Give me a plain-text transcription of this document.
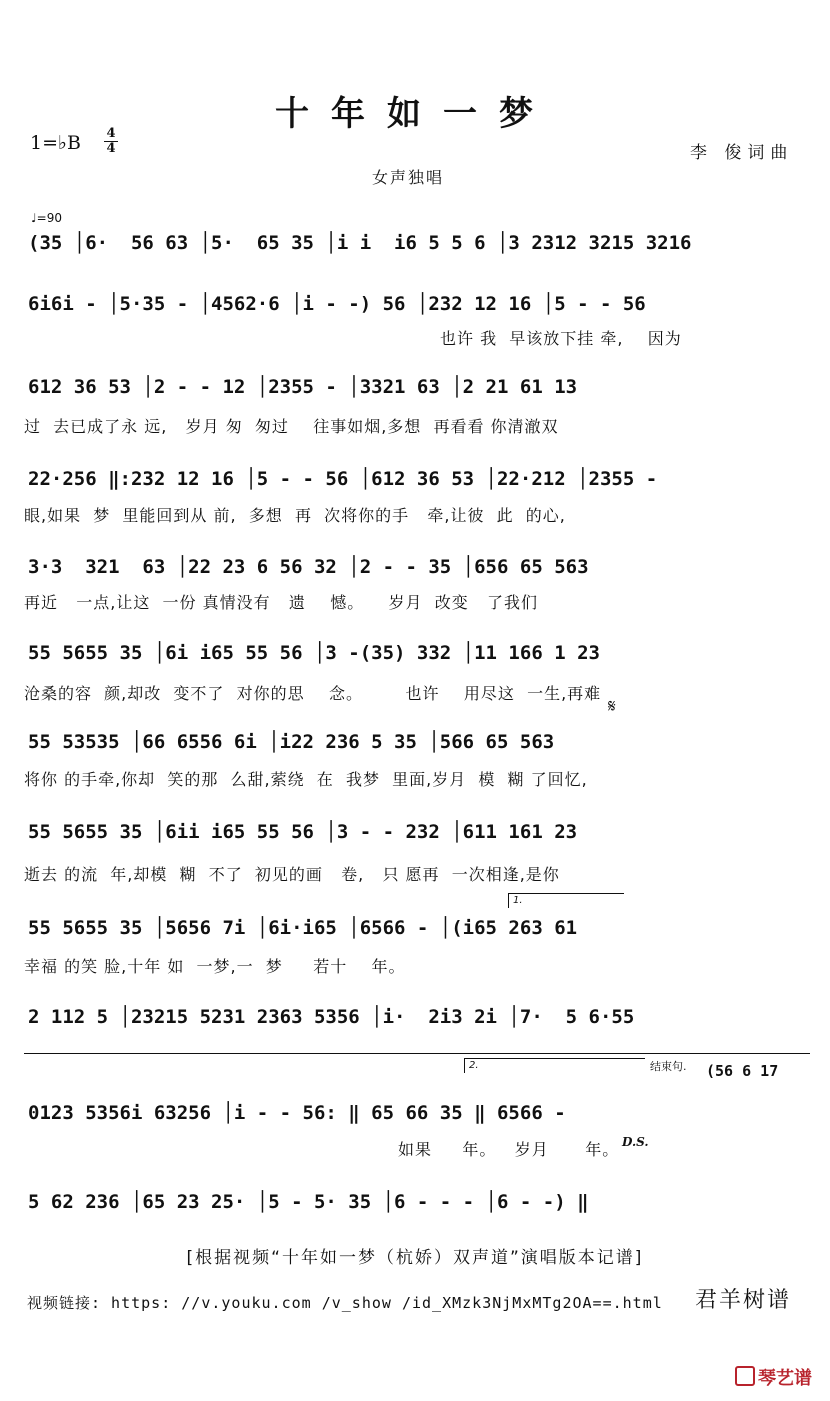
十年如一梦
1=♭B 4
4	李 俊词曲
女声独唱
♩=90
(35 │6·  56 63 │5·  65 35 │i i  i6 5 5 6 │3 2312 3215 3216
6i6i - │5·35 - │4562·6 │i - -) 56 │232 12 16 │5 - - 56
也许 我  早该放下挂 牵,    因为
612 36 53 │2 - - 12 │2355 - │3321 63 │2 21 61 13
过  去已成了永 远,   岁月 匆  匆过    往事如烟,多想  再看看 你清澈双
22·256 ‖:232 12 16 │5 - - 56 │612 36 53 │22·212 │2355 -
眼,如果  梦  里能回到从 前,  多想  再  次将你的手   牵,让彼  此  的心,
3·3  321  63 │22 23 6 56 32 │2 - - 35 │656 65 563
再近   一点,让这  一份 真情没有   遗    憾。    岁月  改变   了我们
55 5655 35 │6i i65 55 56 │3 -(35) 332 │11 166 1 23
沧桑的容  颜,却改  变不了  对你的思    念。       也许    用尽这  一生,再难
𝄋
55 53535 │66 6556 6i │i22 236 5 35 │566 65 563
将你 的手牵,你却  笑的那  么甜,萦绕  在  我梦  里面,岁月  模  糊 了回忆,
55 5655 35 │6ii i65 55 56 │3 - - 232 │611 161 23
逝去 的流  年,却模  糊  不了  初见的画   卷,   只 愿再  一次相逢,是你
1.
55 5655 35 │5656 7i │6i·i65 │6566 - │(i65 263 61
幸福 的笑 脸,十年 如  一梦,一  梦     若十    年。
2 112 5 │23215 5231 2363 5356 │i·  2i3 2i │7·  5 6·55
2.	结束句. (56 6 17
0123 5356i 63256 │i - - 56: ‖ 65 66 35 ‖ 6566 -
如果     年。   岁月      年。 D.S.
5 62 236 │65 23 25· │5 - 5· 35 │6 - - - │6 - -) ‖
[根据视频“十年如一梦（杭娇）双声道”演唱版本记谱]
视频链接: https: //v.youku.com /v_show /id_XMzk3NjMxMTg2OA==.html 君羊树谱
琴艺谱
